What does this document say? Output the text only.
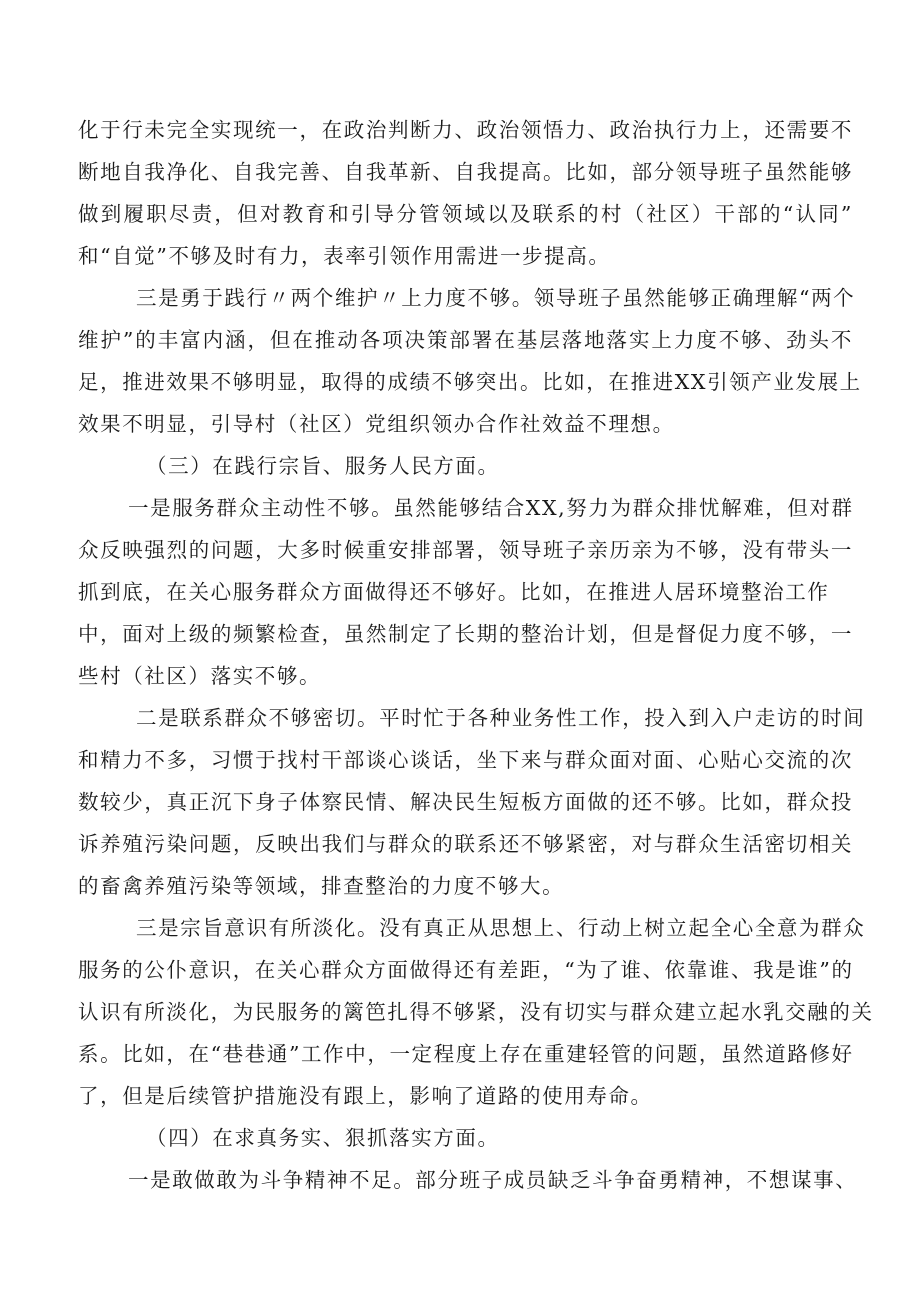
化于行未完全实现统一，在政治判断力、政治领悟力、政治执行力上，还需要不
断地自我净化、自我完善、自我革新、自我提高。比如，部分领导班子虽然能够
做到履职尽责，但对教育和引导分管领域以及联系的村（社区）干部的“认同”
和“自觉”不够及时有力，表率引领作用需进一步提高。
三是勇于践行〃两个维护〃上力度不够。领导班子虽然能够正确理解“两个
维护”的丰富内涵，但在推动各项决策部署在基层落地落实上力度不够、劲头不
足，推进效果不够明显，取得的成绩不够突出。比如，在推进XX引领产业发展上
效果不明显，引导村（社区）党组织领办合作社效益不理想。
（三）在践行宗旨、服务人民方面。
一是服务群众主动性不够。虽然能够结合XX,努力为群众排忧解难，但对群
众反映强烈的问题，大多时候重安排部署，领导班子亲历亲为不够，没有带头一
抓到底，在关心服务群众方面做得还不够好。比如，在推进人居环境整治工作
中，面对上级的频繁检查，虽然制定了长期的整治计划，但是督促力度不够，一
些村（社区）落实不够。
二是联系群众不够密切。平时忙于各种业务性工作，投入到入户走访的时间
和精力不多，习惯于找村干部谈心谈话，坐下来与群众面对面、心贴心交流的次
数较少，真正沉下身子体察民情、解决民生短板方面做的还不够。比如，群众投
诉养殖污染问题，反映出我们与群众的联系还不够紧密，对与群众生活密切相关
的畜禽养殖污染等领域，排查整治的力度不够大。
三是宗旨意识有所淡化。没有真正从思想上、行动上树立起全心全意为群众
服务的公仆意识，在关心群众方面做得还有差距，“为了谁、依靠谁、我是谁”的
认识有所淡化，为民服务的篱笆扎得不够紧，没有切实与群众建立起水乳交融的关
系。比如，在“巷巷通”工作中，一定程度上存在重建轻管的问题，虽然道路修好
了，但是后续管护措施没有跟上，影响了道路的使用寿命。
（四）在求真务实、狠抓落实方面。
一是敢做敢为斗争精神不足。部分班子成员缺乏斗争奋勇精神，不想谋事、
